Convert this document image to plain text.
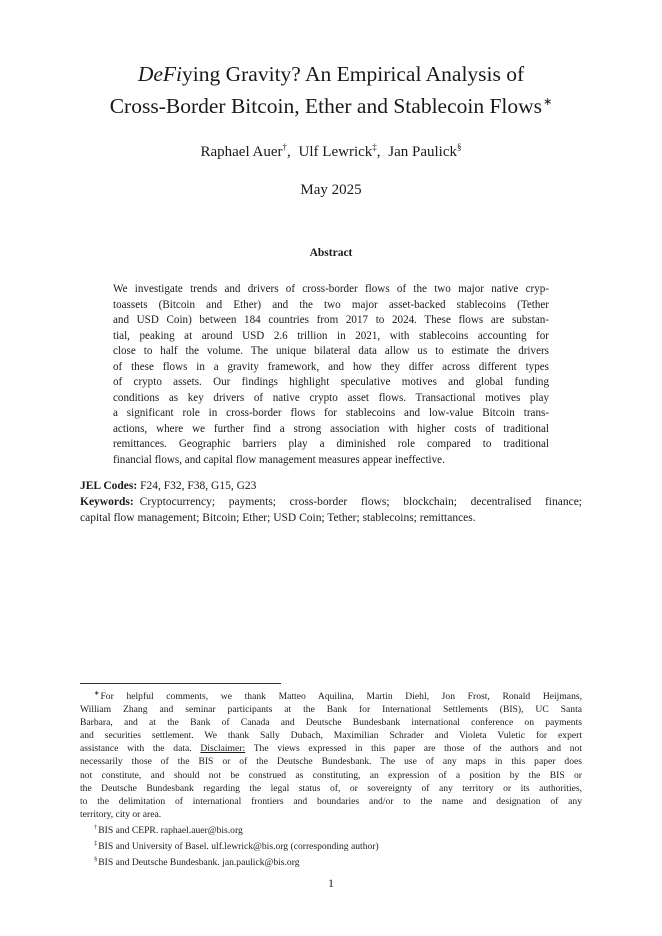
DeFiying Gravity? An Empirical Analysis of
Cross-Border Bitcoin, Ether and Stablecoin Flows∗
Raphael Auer†, Ulf Lewrick‡, Jan Paulick§
May 2025
Abstract
We investigate trends and drivers of cross-border flows of the two major native cryp-
toassets (Bitcoin and Ether) and the two major asset-backed stablecoins (Tether
and USD Coin) between 184 countries from 2017 to 2024. These flows are substan-
tial, peaking at around USD 2.6 trillion in 2021, with stablecoins accounting for
close to half the volume. The unique bilateral data allow us to estimate the drivers
of these flows in a gravity framework, and how they differ across different types
of crypto assets. Our findings highlight speculative motives and global funding
conditions as key drivers of native crypto asset flows. Transactional motives play
a significant role in cross-border flows for stablecoins and low-value Bitcoin trans-
actions, where we further find a strong association with higher costs of traditional
remittances. Geographic barriers play a diminished role compared to traditional
financial flows, and capital flow management measures appear ineffective.
JEL Codes: F24, F32, F38, G15, G23
Keywords: Cryptocurrency; payments; cross-border flows; blockchain; decentralised finance;
capital flow management; Bitcoin; Ether; USD Coin; Tether; stablecoins; remittances.
∗For helpful comments, we thank Matteo Aquilina, Martin Diehl, Jon Frost, Ronald Heijmans,
William Zhang and seminar participants at the Bank for International Settlements (BIS), UC Santa
Barbara, and at the Bank of Canada and Deutsche Bundesbank international conference on payments
and securities settlement. We thank Sally Dubach, Maximilian Schrader and Violeta Vuletic for expert
assistance with the data. Disclaimer: The views expressed in this paper are those of the authors and not
necessarily those of the BIS or of the Deutsche Bundesbank. The use of any maps in this paper does
not constitute, and should not be construed as constituting, an expression of a position by the BIS or
the Deutsche Bundesbank regarding the legal status of, or sovereignty of any territory or its authorities,
to the delimitation of international frontiers and boundaries and/or to the name and designation of any
territory, city or area.
†BIS and CEPR. raphael.auer@bis.org
‡BIS and University of Basel. ulf.lewrick@bis.org (corresponding author)
§BIS and Deutsche Bundesbank. jan.paulick@bis.org
1
